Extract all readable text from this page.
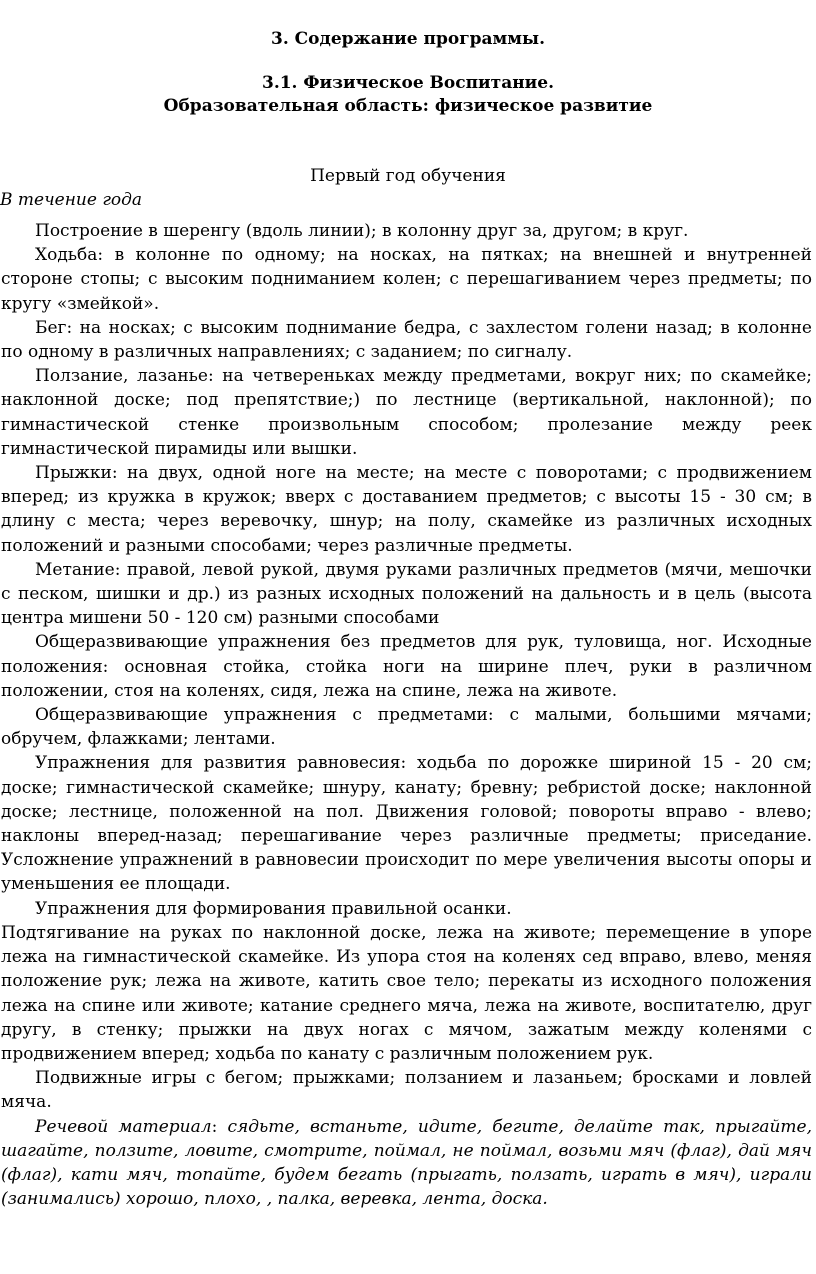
3. Содержание программы.
3.1. Физическое Воспитание.
Образовательная область: физическое развитие
Первый год обучения
В течение года

Построение в шеренгу (вдоль линии); в колонну друг за, другом; в круг.

Ходьба: в колонне по одному; на носках, на пятках; на внешней и внутренней стороне стопы; с высоким подниманием колен; с перешагиванием через предметы; по кругу «змейкой».

Бег: на носках; с высоким поднимание бедра, с захлестом голени назад; в колонне по одному в различных направлениях; с заданием; по сигналу.

Ползание, лазанье: на четвереньках между предметами, вокруг них; по скамейке; наклонной доске; под препятствие;) по лестнице (вертикальной, наклонной); по гимнастической стенке произвольным способом; пролезание между реек гимнастической пирамиды или вышки.

Прыжки: на двух, одной ноге на месте; на месте с поворотами; с продвижением вперед; из кружка в кружок; вверх с доставанием предметов; с высоты 15 - 30 см; в длину с места; через веревочку, шнур; на полу, скамейке из различных исходных положений и разными способами; через различные предметы.

Метание: правой, левой рукой, двумя руками различных предметов (мячи, мешочки с песком, шишки и др.) из разных исходных положений на дальность и в цель (высота центра мишени 50 - 120 см) разными способами

Общеразвивающие упражнения без предметов для рук, туловища, ног. Исходные положения: основная стойка, стойка ноги на ширине плеч, руки в различном положении, стоя на коленях, сидя, лежа на спине, лежа на животе.

Общеразвивающие упражнения с предметами: с малыми, большими мячами; обручем, флажками; лентами.

Упражнения для развития равновесия: ходьба по дорожке шириной 15 - 20 см; доске; гимнастической скамейке; шнуру, канату; бревну; ребристой доске; наклонной доске; лестнице, положенной на пол. Движения головой; повороты вправо - влево; наклоны вперед-назад; перешагивание через различные предметы; приседание. Усложнение упражнений в равновесии происходит по мере увеличения высоты опоры и уменьшения ее площади.

Упражнения для формирования правильной осанки.

Подтягивание на руках по наклонной доске, лежа на животе; перемещение в упоре лежа на гимнастической скамейке. Из упора стоя на коленях сед вправо, влево, меняя положение рук; лежа на животе, катить свое тело; перекаты из исходного положения лежа на спине или животе; катание среднего мяча, лежа на животе, воспитателю, друг другу, в стенку; прыжки на двух ногах с мячом, зажатым между коленями с продвижением вперед; ходьба по канату с различным положением рук.

Подвижные игры с бегом; прыжками; ползанием и лазаньем; бросками и ловлей мяча.

Речевой материал: сядьте, встаньте, идите, бегите, делайте так, прыгайте, шагайте, ползите, ловите, смотрите, поймал, не поймал, возьми мяч (флаг), дай мяч (флаг), кати мяч, топайте, будем бегать (прыгать, ползать, играть в мяч), играли (занимались) хорошо, плохо, , палка, веревка, лента, доска.
